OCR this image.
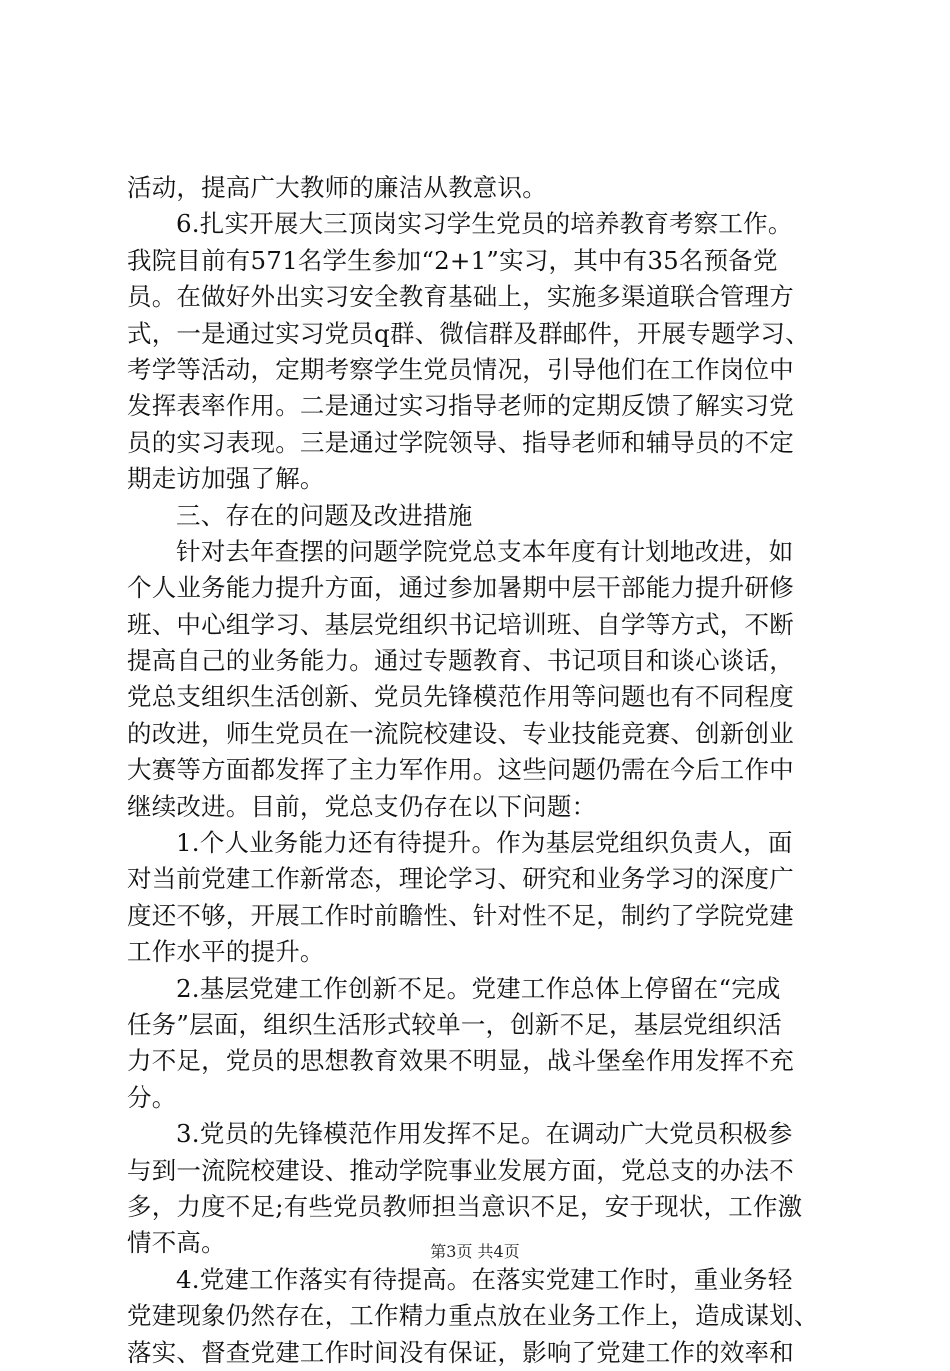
活动，提高广大教师的廉洁从教意识。
6.扎实开展大三顶岗实习学生党员的培养教育考察工作。
我院目前有571名学生参加“2+1”实习，其中有35名预备党
员。在做好外出实习安全教育基础上，实施多渠道联合管理方
式，一是通过实习党员q群、微信群及群邮件，开展专题学习、
考学等活动，定期考察学生党员情况，引导他们在工作岗位中
发挥表率作用。二是通过实习指导老师的定期反馈了解实习党
员的实习表现。三是通过学院领导、指导老师和辅导员的不定
期走访加强了解。
三、存在的问题及改进措施
针对去年查摆的问题学院党总支本年度有计划地改进，如
个人业务能力提升方面，通过参加暑期中层干部能力提升研修
班、中心组学习、基层党组织书记培训班、自学等方式，不断
提高自己的业务能力。通过专题教育、书记项目和谈心谈话，
党总支组织生活创新、党员先锋模范作用等问题也有不同程度
的改进，师生党员在一流院校建设、专业技能竞赛、创新创业
大赛等方面都发挥了主力军作用。这些问题仍需在今后工作中
继续改进。目前，党总支仍存在以下问题：
1.个人业务能力还有待提升。作为基层党组织负责人，面
对当前党建工作新常态，理论学习、研究和业务学习的深度广
度还不够，开展工作时前瞻性、针对性不足，制约了学院党建
工作水平的提升。
2.基层党建工作创新不足。党建工作总体上停留在“完成
任务”层面，组织生活形式较单一，创新不足，基层党组织活
力不足，党员的思想教育效果不明显，战斗堡垒作用发挥不充
分。
3.党员的先锋模范作用发挥不足。在调动广大党员积极参
与到一流院校建设、推动学院事业发展方面，党总支的办法不
多，力度不足;有些党员教师担当意识不足，安于现状，工作激
情不高。
4.党建工作落实有待提高。在落实党建工作时，重业务轻
党建现象仍然存在，工作精力重点放在业务工作上，造成谋划、
落实、督查党建工作时间没有保证，影响了党建工作的效率和
第3页 共4页
